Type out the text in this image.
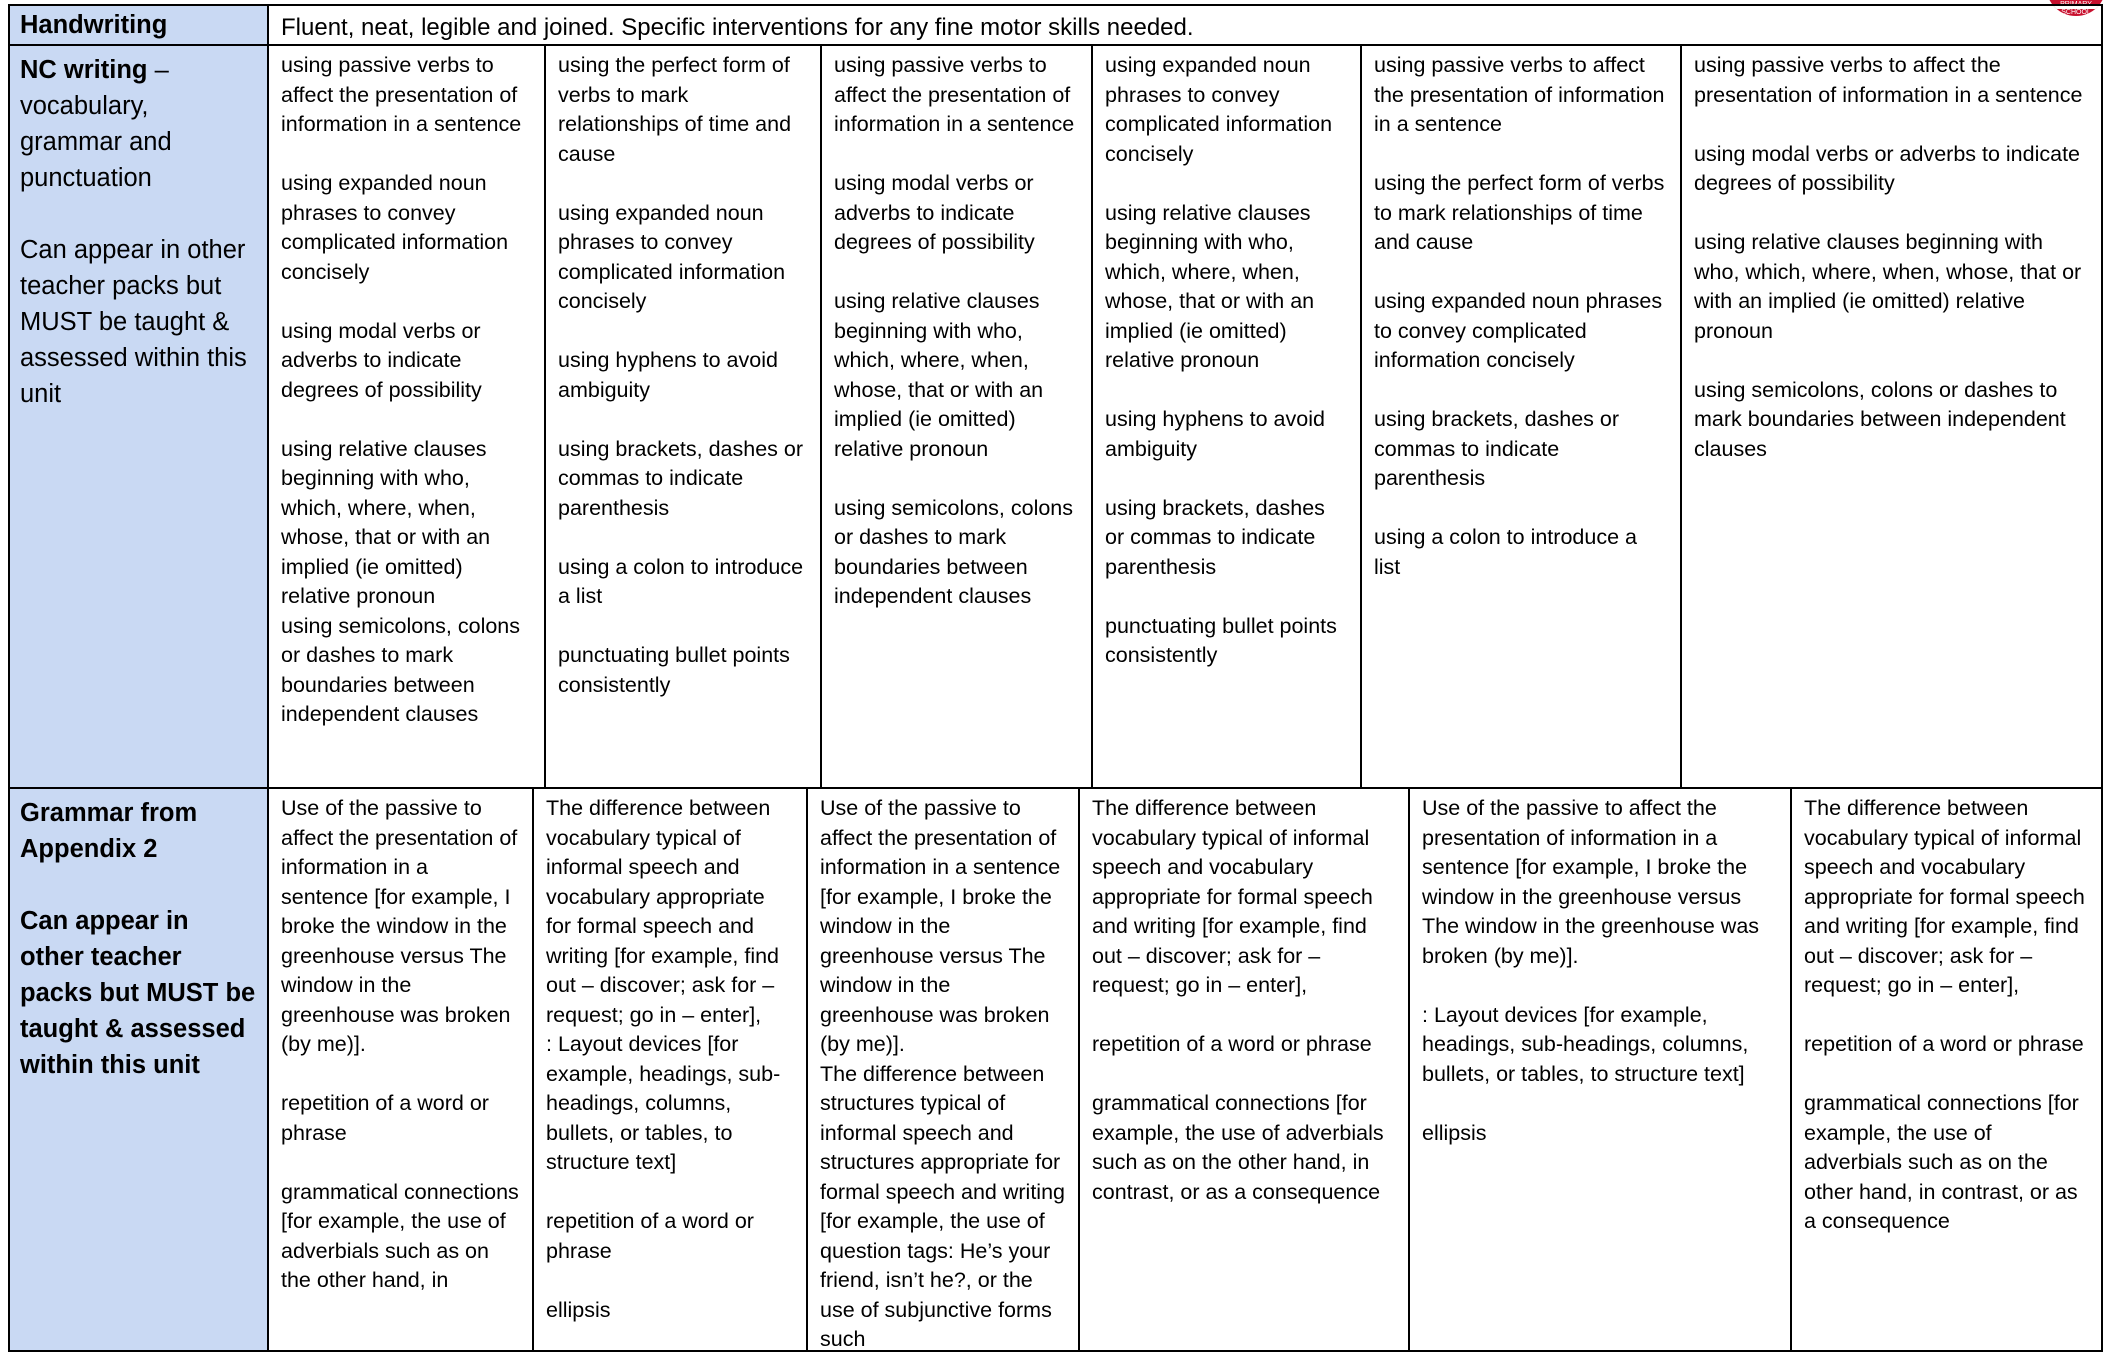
PRIMARY SCHOOL
Handwriting	Fluent, neat, legible and joined. Specific interventions for any fine motor skills needed.
NC writing – vocabulary, grammar and punctuation
Can appear in other teacher packs but MUST be taught & assessed within this unit
using passive verbs to affect the presentation of information in a sentence
using expanded noun phrases to convey complicated information concisely
using modal verbs or adverbs to indicate degrees of possibility
using relative clauses beginning with who, which, where, when, whose, that or with an implied (ie omitted) relative pronoun
using semicolons, colons or dashes to mark boundaries between independent clauses
using the perfect form of verbs to mark relationships of time and cause
using expanded noun phrases to convey complicated information concisely
using hyphens to avoid ambiguity
using brackets, dashes or commas to indicate parenthesis
using a colon to introduce a list
punctuating bullet points consistently
using passive verbs to affect the presentation of information in a sentence
using modal verbs or adverbs to indicate degrees of possibility
using relative clauses beginning with who, which, where, when, whose, that or with an implied (ie omitted) relative pronoun
using semicolons, colons or dashes to mark boundaries between independent clauses
using expanded noun phrases to convey complicated information concisely
using relative clauses beginning with who, which, where, when, whose, that or with an implied (ie omitted) relative pronoun
using hyphens to avoid ambiguity
using brackets, dashes or commas to indicate parenthesis
punctuating bullet points consistently
using passive verbs to affect the presentation of information in a sentence
using the perfect form of verbs to mark relationships of time and cause
using expanded noun phrases to convey complicated information concisely
using brackets, dashes or commas to indicate parenthesis
using a colon to introduce a list
using passive verbs to affect the presentation of information in a sentence
using modal verbs or adverbs to indicate degrees of possibility
using relative clauses beginning with who, which, where, when, whose, that or with an implied (ie omitted) relative pronoun
using semicolons, colons or dashes to mark boundaries between independent clauses
Grammar from Appendix 2
Can appear in other teacher packs but MUST be taught & assessed within this unit
Use of the passive to affect the presentation of information in a sentence [for example, I broke the window in the greenhouse versus The window in the greenhouse was broken (by me)].
repetition of a word or phrase
grammatical connections [for example, the use of adverbials such as on the other hand, in
The difference between vocabulary typical of informal speech and vocabulary appropriate for formal speech and writing [for example, find out – discover; ask for – request; go in – enter],
: Layout devices [for example, headings, sub-headings, columns, bullets, or tables, to structure text]
repetition of a word or phrase
ellipsis
Use of the passive to affect the presentation of information in a sentence [for example, I broke the window in the greenhouse versus The window in the greenhouse was broken (by me)].
The difference between structures typical of informal speech and structures appropriate for formal speech and writing [for example, the use of question tags: He’s your friend, isn’t he?, or the use of subjunctive forms such
The difference between vocabulary typical of informal speech and vocabulary appropriate for formal speech and writing [for example, find out – discover; ask for – request; go in – enter],
repetition of a word or phrase
grammatical connections [for example, the use of adverbials such as on the other hand, in contrast, or as a consequence
Use of the passive to affect the presentation of information in a sentence [for example, I broke the window in the greenhouse versus The window in the greenhouse was broken (by me)].
: Layout devices [for example, headings, sub-headings, columns, bullets, or tables, to structure text]
ellipsis
The difference between vocabulary typical of informal speech and vocabulary appropriate for formal speech and writing [for example, find out – discover; ask for – request; go in – enter],
repetition of a word or phrase
grammatical connections [for example, the use of adverbials such as on the other hand, in contrast, or as a consequence
